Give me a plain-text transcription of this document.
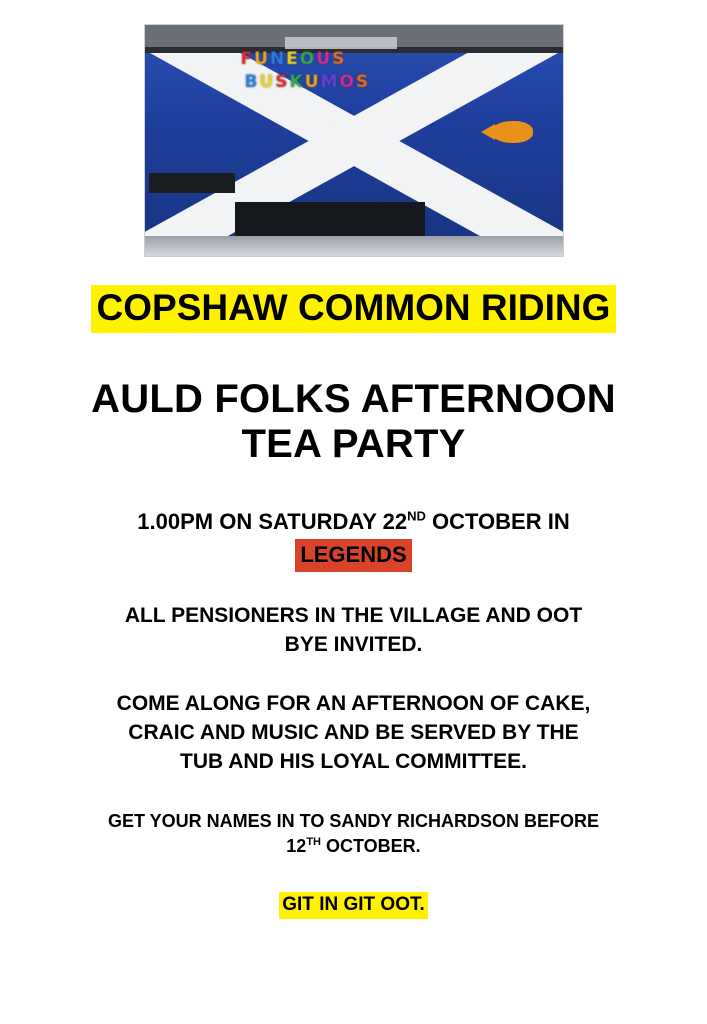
F U N E O U S
B U S K U M O S
COPSHAW COMMON RIDING
AULD FOLKS AFTERNOON
TEA PARTY
1.00PM ON SATURDAY 22ND OCTOBER IN
LEGENDS
ALL PENSIONERS IN THE VILLAGE AND OOT
BYE INVITED.
COME ALONG FOR AN AFTERNOON OF CAKE,
CRAIC AND MUSIC AND BE SERVED BY THE
TUB AND HIS LOYAL COMMITTEE.
GET YOUR NAMES IN TO SANDY RICHARDSON BEFORE
12TH OCTOBER.
GIT IN GIT OOT.
